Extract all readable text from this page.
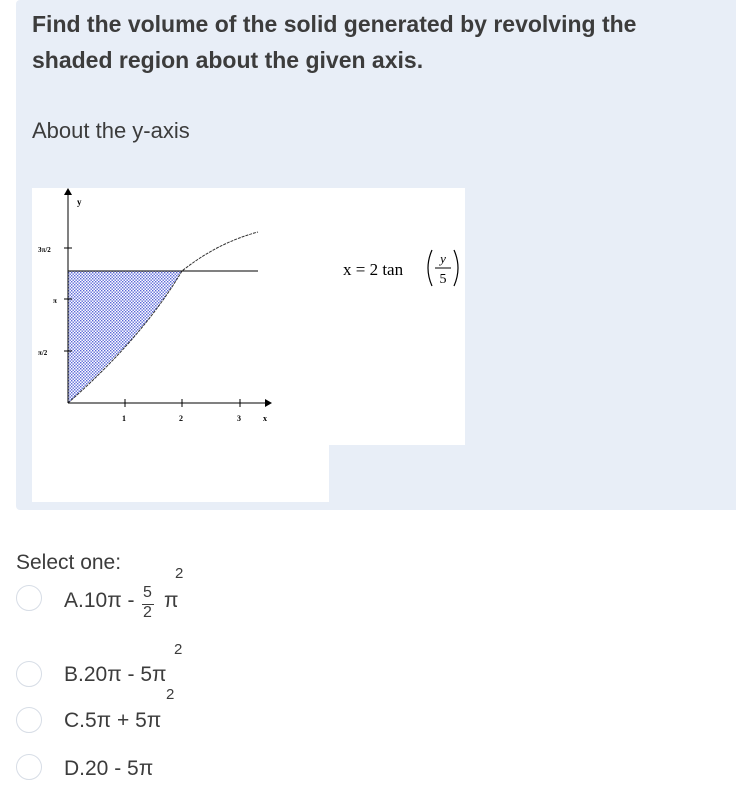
Find the volume of the solid generated by revolving the shaded region about the given axis.

About the y-axis
y
x
3π/2
π
π/2
1	2	3
x = 2 tan
y
5
Select one:
A.10π - 5
2
π
2
B.20π - 5π
2
C.5π + 5π
2
D.20 - 5π
